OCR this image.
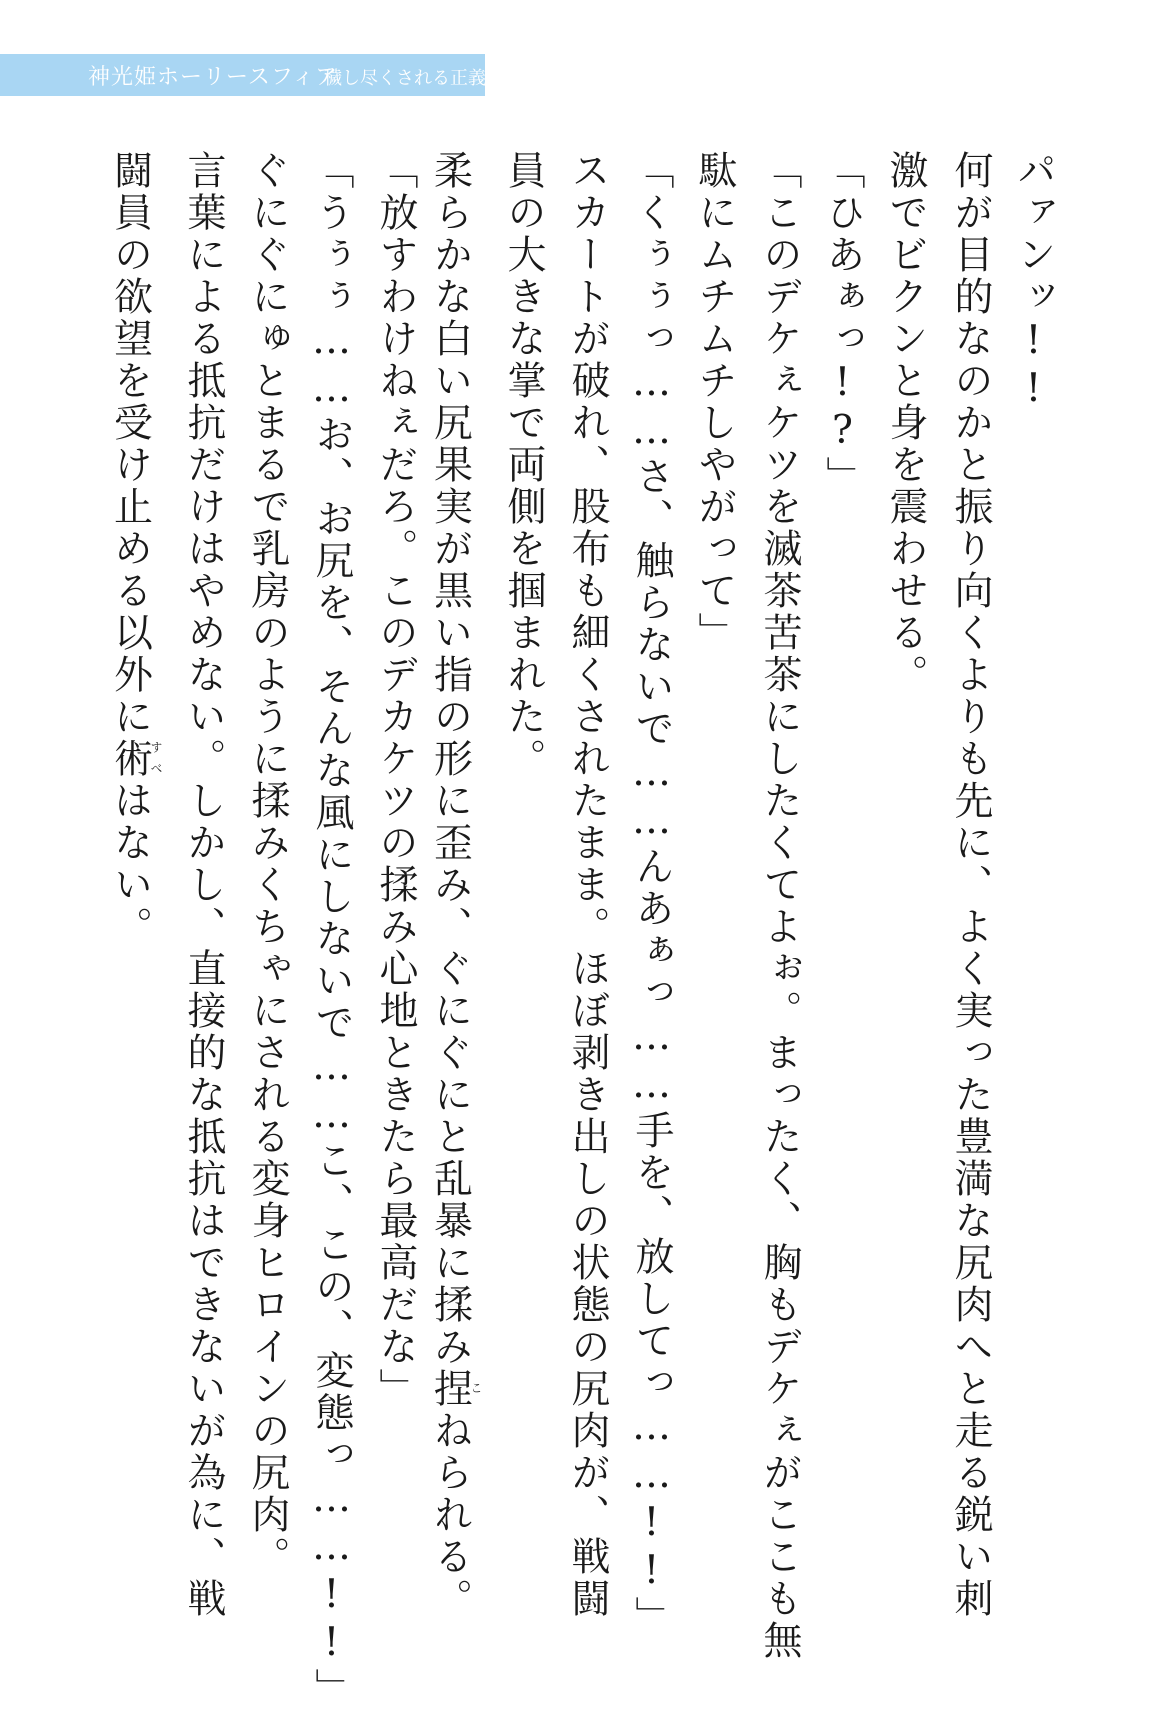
神光姫ホーリースフィア
穢し尽くされる正義
パァンッ!!
何が目的なのかと振り向くよりも先に、よく実った豊満な尻肉へと走る鋭い刺
激でビクンと身を震わせる。
「ひあぁっ!?」
「このデケぇケツを滅茶苦茶にしたくてよぉ。まったく、胸もデケぇがここも無
駄にムチムチしやがって」
「くぅぅっ……さ、触らないで……んあぁっ……手を、放してっ……!!」
スカートが破れ、股布も細くされたまま。ほぼ剥き出しの状態の尻肉が、戦闘
員の大きな掌で両側を掴まれた。
柔らかな白い尻果実が黒い指の形に歪み、ぐにぐにと乱暴に揉み捏こねられる。
「放すわけねぇだろ。このデカケツの揉み心地ときたら最高だな」
「うぅぅ……お、お尻を、そんな風にしないで……こ、この、変態っ……!!」
ぐにぐにゅとまるで乳房のように揉みくちゃにされる変身ヒロインの尻肉。
言葉による抵抗だけはやめない。しかし、直接的な抵抗はできないが為に、戦
闘員の欲望を受け止める以外に術すべはない。
